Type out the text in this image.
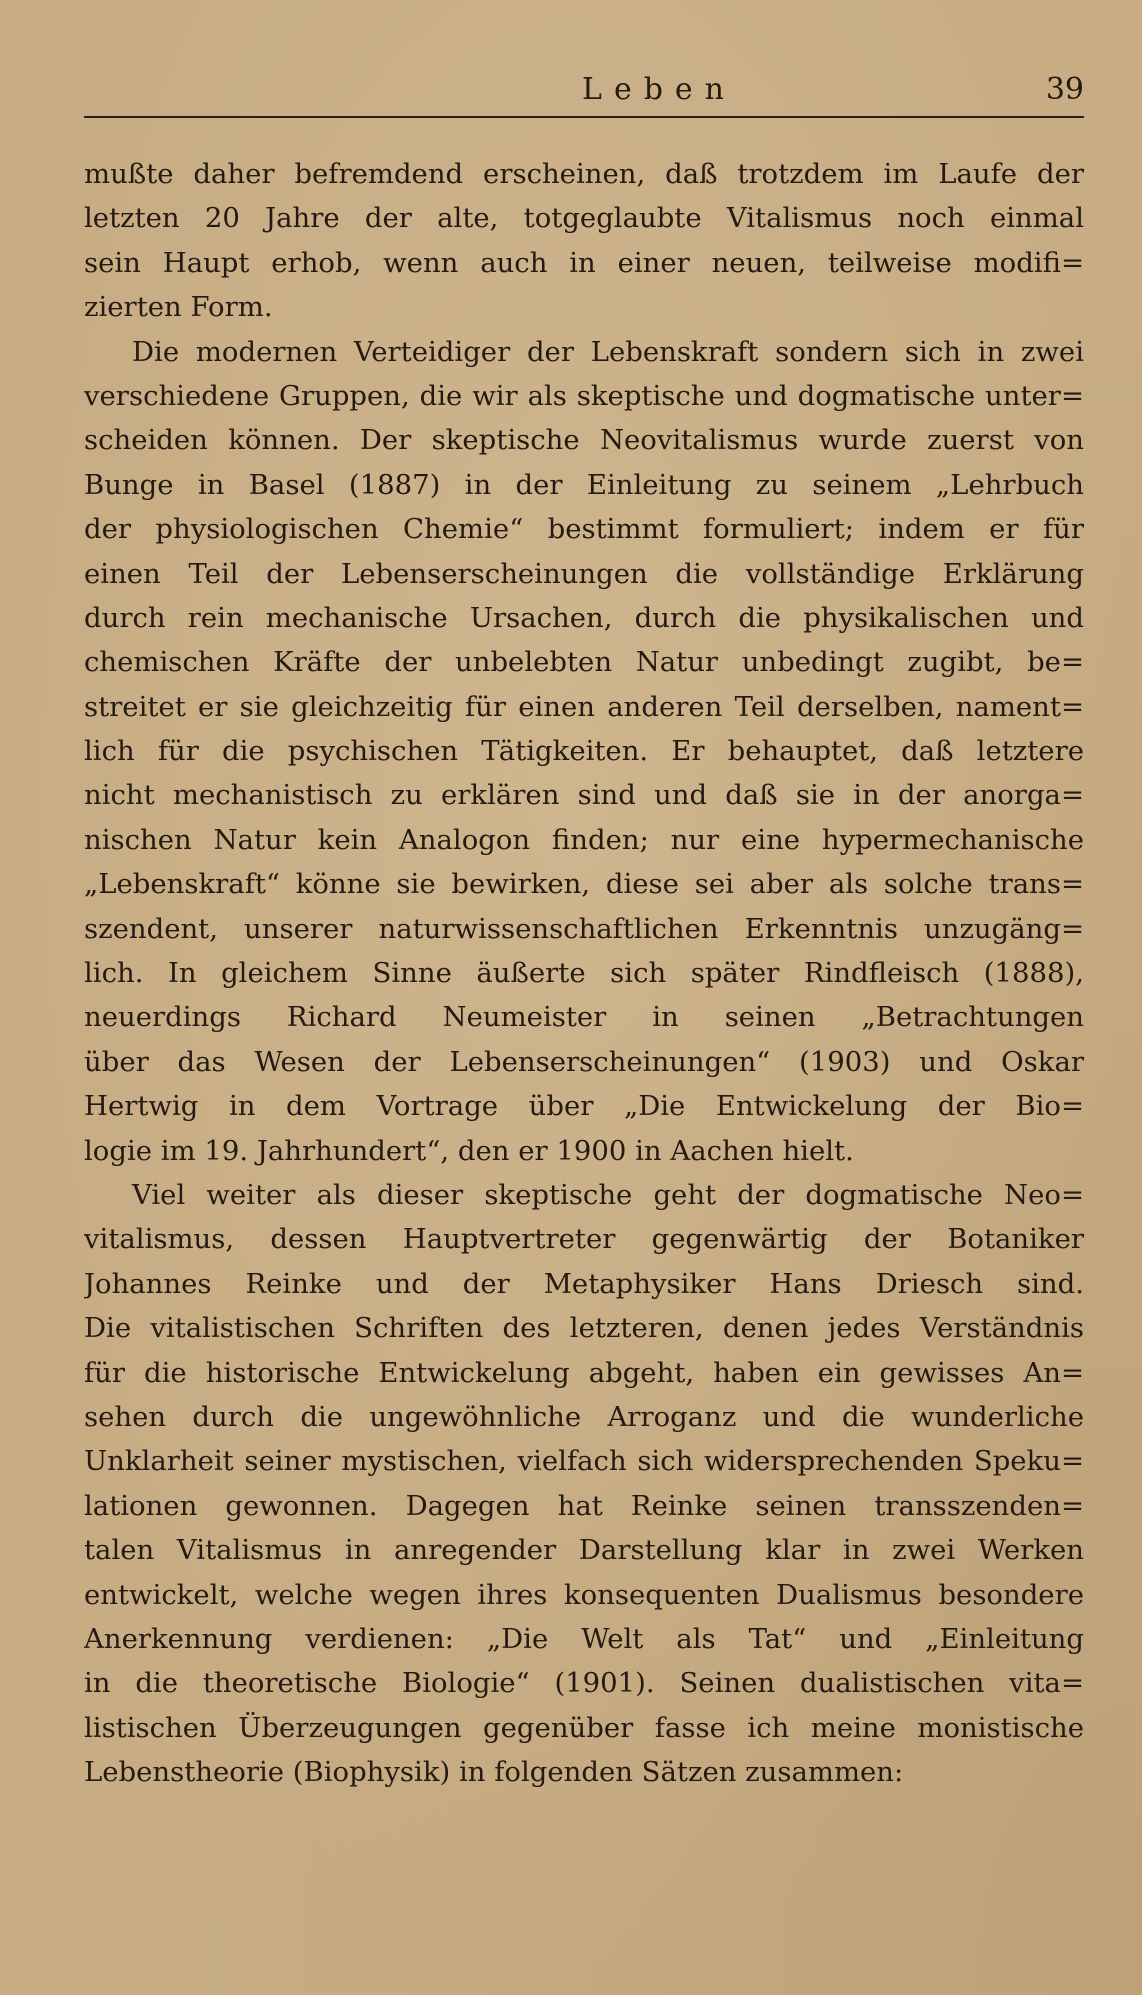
Leben	39
mußte daher befremdend erscheinen, daß trotzdem im Laufe der
letzten 20 Jahre der alte, totgeglaubte Vitalismus noch einmal
sein Haupt erhob, wenn auch in einer neuen, teilweise modifi=
zierten Form.
Die modernen Verteidiger der Lebenskraft sondern sich in zwei
verschiedene Gruppen, die wir als skeptische und dogmatische unter=
scheiden können. Der skeptische Neovitalismus wurde zuerst von
Bunge in Basel (1887) in der Einleitung zu seinem „Lehrbuch
der physiologischen Chemie“ bestimmt formuliert; indem er für
einen Teil der Lebenserscheinungen die vollständige Erklärung
durch rein mechanische Ursachen, durch die physikalischen und
chemischen Kräfte der unbelebten Natur unbedingt zugibt, be=
streitet er sie gleichzeitig für einen anderen Teil derselben, nament=
lich für die psychischen Tätigkeiten. Er behauptet, daß letztere
nicht mechanistisch zu erklären sind und daß sie in der anorga=
nischen Natur kein Analogon finden; nur eine hypermechanische
„Lebenskraft“ könne sie bewirken, diese sei aber als solche trans=
szendent, unserer naturwissenschaftlichen Erkenntnis unzugäng=
lich. In gleichem Sinne äußerte sich später Rindfleisch (1888),
neuerdings Richard Neumeister in seinen „Betrachtungen
über das Wesen der Lebenserscheinungen“ (1903) und Oskar
Hertwig in dem Vortrage über „Die Entwickelung der Bio=
logie im 19. Jahrhundert“, den er 1900 in Aachen hielt.
Viel weiter als dieser skeptische geht der dogmatische Neo=
vitalismus, dessen Hauptvertreter gegenwärtig der Botaniker
Johannes Reinke und der Metaphysiker Hans Driesch sind.
Die vitalistischen Schriften des letzteren, denen jedes Verständnis
für die historische Entwickelung abgeht, haben ein gewisses An=
sehen durch die ungewöhnliche Arroganz und die wunderliche
Unklarheit seiner mystischen, vielfach sich widersprechenden Speku=
lationen gewonnen. Dagegen hat Reinke seinen transszenden=
talen Vitalismus in anregender Darstellung klar in zwei Werken
entwickelt, welche wegen ihres konsequenten Dualismus besondere
Anerkennung verdienen: „Die Welt als Tat“ und „Einleitung
in die theoretische Biologie“ (1901). Seinen dualistischen vita=
listischen Überzeugungen gegenüber fasse ich meine monistische
Lebenstheorie (Biophysik) in folgenden Sätzen zusammen:
